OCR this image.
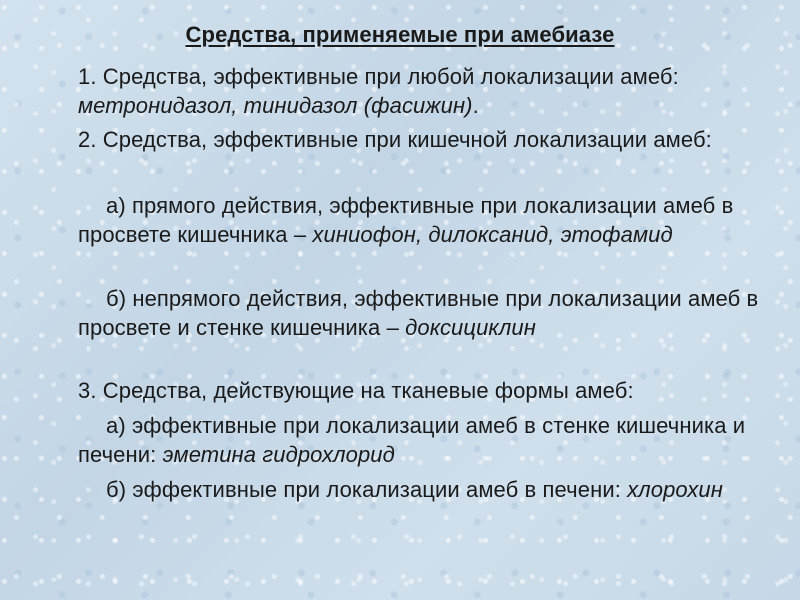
Средства, применяемые при амебиазе
1. Средства, эффективные при любой локализации амеб: метронидазол, тинидазол (фасижин).
2. Средства, эффективные при кишечной локализации амеб:
а) прямого действия, эффективные при локализации амеб в просвете кишечника – хиниофон, дилоксанид, этофамид
б) непрямого действия, эффективные при локализации амеб в просвете и стенке кишечника – доксициклин
3. Средства, действующие на тканевые формы амеб:
а) эффективные при локализации амеб в стенке кишечника и печени: эметина гидрохлорид
б) эффективные при локализации амеб в печени: хлорохин
